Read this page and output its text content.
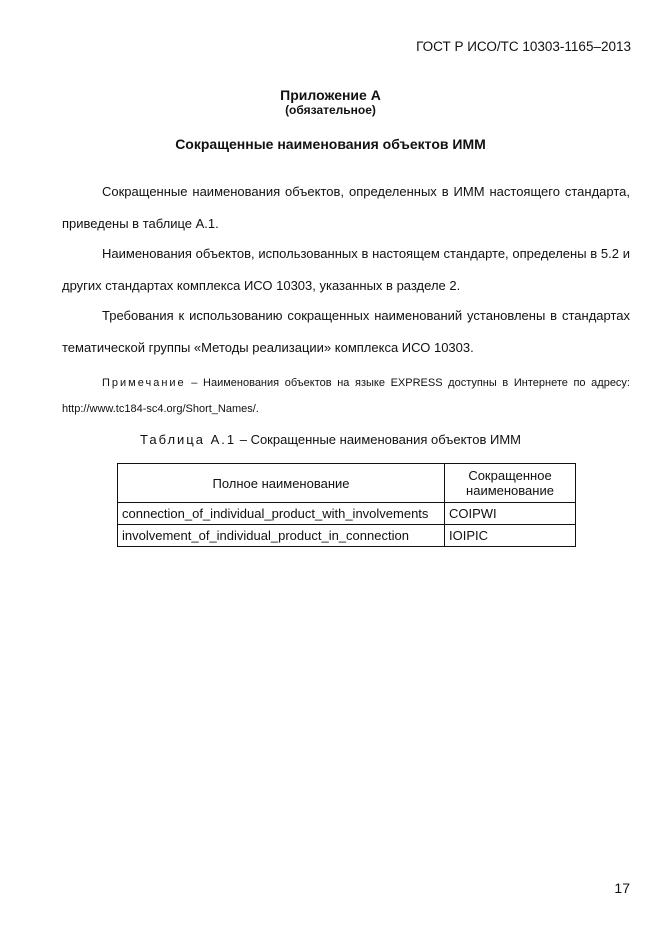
ГОСТ Р ИСО/ТС 10303-1165–2013
Приложение А
(обязательное)
Сокращенные наименования объектов ИММ
Сокращенные наименования объектов, определенных в ИММ настоящего стандарта, приведены в таблице А.1.
Наименования объектов, использованных в настоящем стандарте, определены в 5.2 и других стандартах комплекса ИСО 10303, указанных в разделе 2.
Требования к использованию сокращенных наименований установлены в стандартах тематической группы «Методы реализации» комплекса ИСО 10303.
Примечание – Наименования объектов на языке EXPRESS доступны в Интернете по адресу: http://www.tc184-sc4.org/Short_Names/.
Таблица А.1 – Сокращенные наименования объектов ИММ
Полное наименование	Сокращенное наименование
connection_of_individual_product_with_involvements	COIPWI
involvement_of_individual_product_in_connection	IOIPIC
17
